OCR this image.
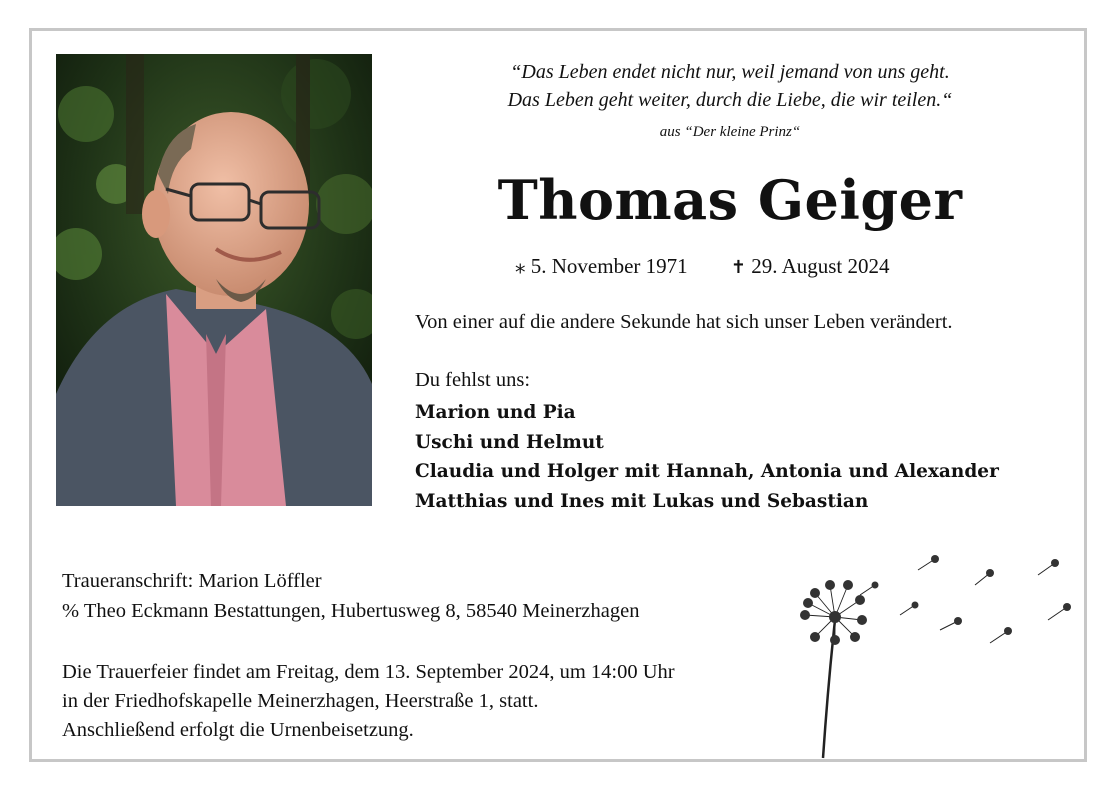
“Das Leben endet nicht nur, weil jemand von uns geht.
Das Leben geht weiter, durch die Liebe, die wir teilen.“
aus “Der kleine Prinz“
Thomas Geiger
⁎ 5. November 1971 ✝ 29. August 2024
Von einer auf die andere Sekunde hat sich unser Leben verändert.
Du fehlst uns:
Marion und Pia
Uschi und Helmut
Claudia und Holger mit Hannah, Antonia und Alexander
Matthias und Ines mit Lukas und Sebastian
Traueranschrift: Marion Löffler
% Theo Eckmann Bestattungen, Hubertusweg 8, 58540 Meinerzhagen
Die Trauerfeier findet am Freitag, dem 13. September 2024, um 14:00 Uhr
in der Friedhofskapelle Meinerzhagen, Heerstraße 1, statt.
Anschließend erfolgt die Urnenbeisetzung.
